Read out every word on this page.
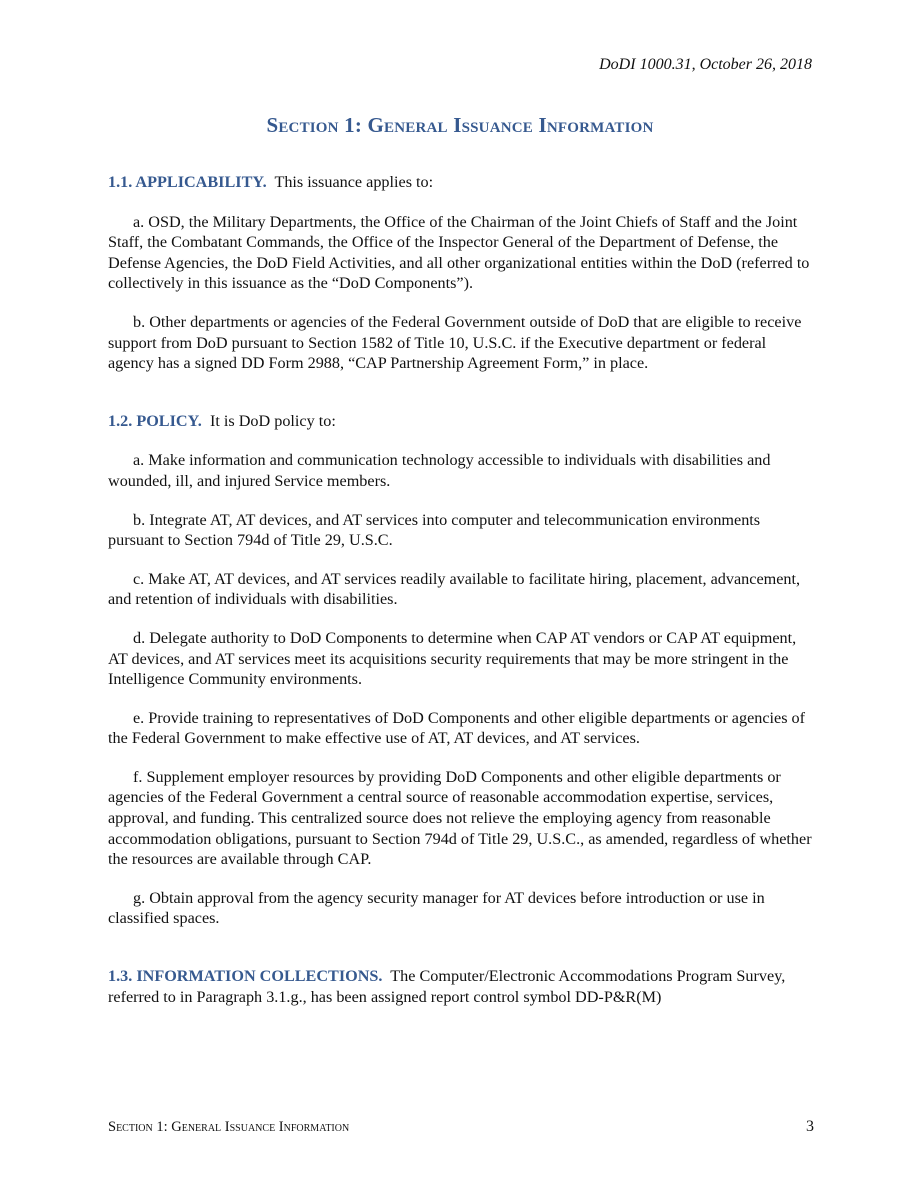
DoDI 1000.31, October 26, 2018
Section 1: General Issuance Information

1.1. APPLICABILITY. This issuance applies to:

a. OSD, the Military Departments, the Office of the Chairman of the Joint Chiefs of Staff and the Joint Staff, the Combatant Commands, the Office of the Inspector General of the Department of Defense, the Defense Agencies, the DoD Field Activities, and all other organizational entities within the DoD (referred to collectively in this issuance as the “DoD Components”).

b. Other departments or agencies of the Federal Government outside of DoD that are eligible to receive support from DoD pursuant to Section 1582 of Title 10, U.S.C. if the Executive department or federal agency has a signed DD Form 2988, “CAP Partnership Agreement Form,” in place.

1.2. POLICY. It is DoD policy to:

a. Make information and communication technology accessible to individuals with disabilities and wounded, ill, and injured Service members.

b. Integrate AT, AT devices, and AT services into computer and telecommunication environments pursuant to Section 794d of Title 29, U.S.C.

c. Make AT, AT devices, and AT services readily available to facilitate hiring, placement, advancement, and retention of individuals with disabilities.

d. Delegate authority to DoD Components to determine when CAP AT vendors or CAP AT equipment, AT devices, and AT services meet its acquisitions security requirements that may be more stringent in the Intelligence Community environments.

e. Provide training to representatives of DoD Components and other eligible departments or agencies of the Federal Government to make effective use of AT, AT devices, and AT services.

f. Supplement employer resources by providing DoD Components and other eligible departments or agencies of the Federal Government a central source of reasonable accommodation expertise, services, approval, and funding. This centralized source does not relieve the employing agency from reasonable accommodation obligations, pursuant to Section 794d of Title 29, U.S.C., as amended, regardless of whether the resources are available through CAP.

g. Obtain approval from the agency security manager for AT devices before introduction or use in classified spaces.

1.3. INFORMATION COLLECTIONS. The Computer/Electronic Accommodations Program Survey, referred to in Paragraph 3.1.g., has been assigned report control symbol DD-P&R(M)

Section 1: General Issuance Information	3
